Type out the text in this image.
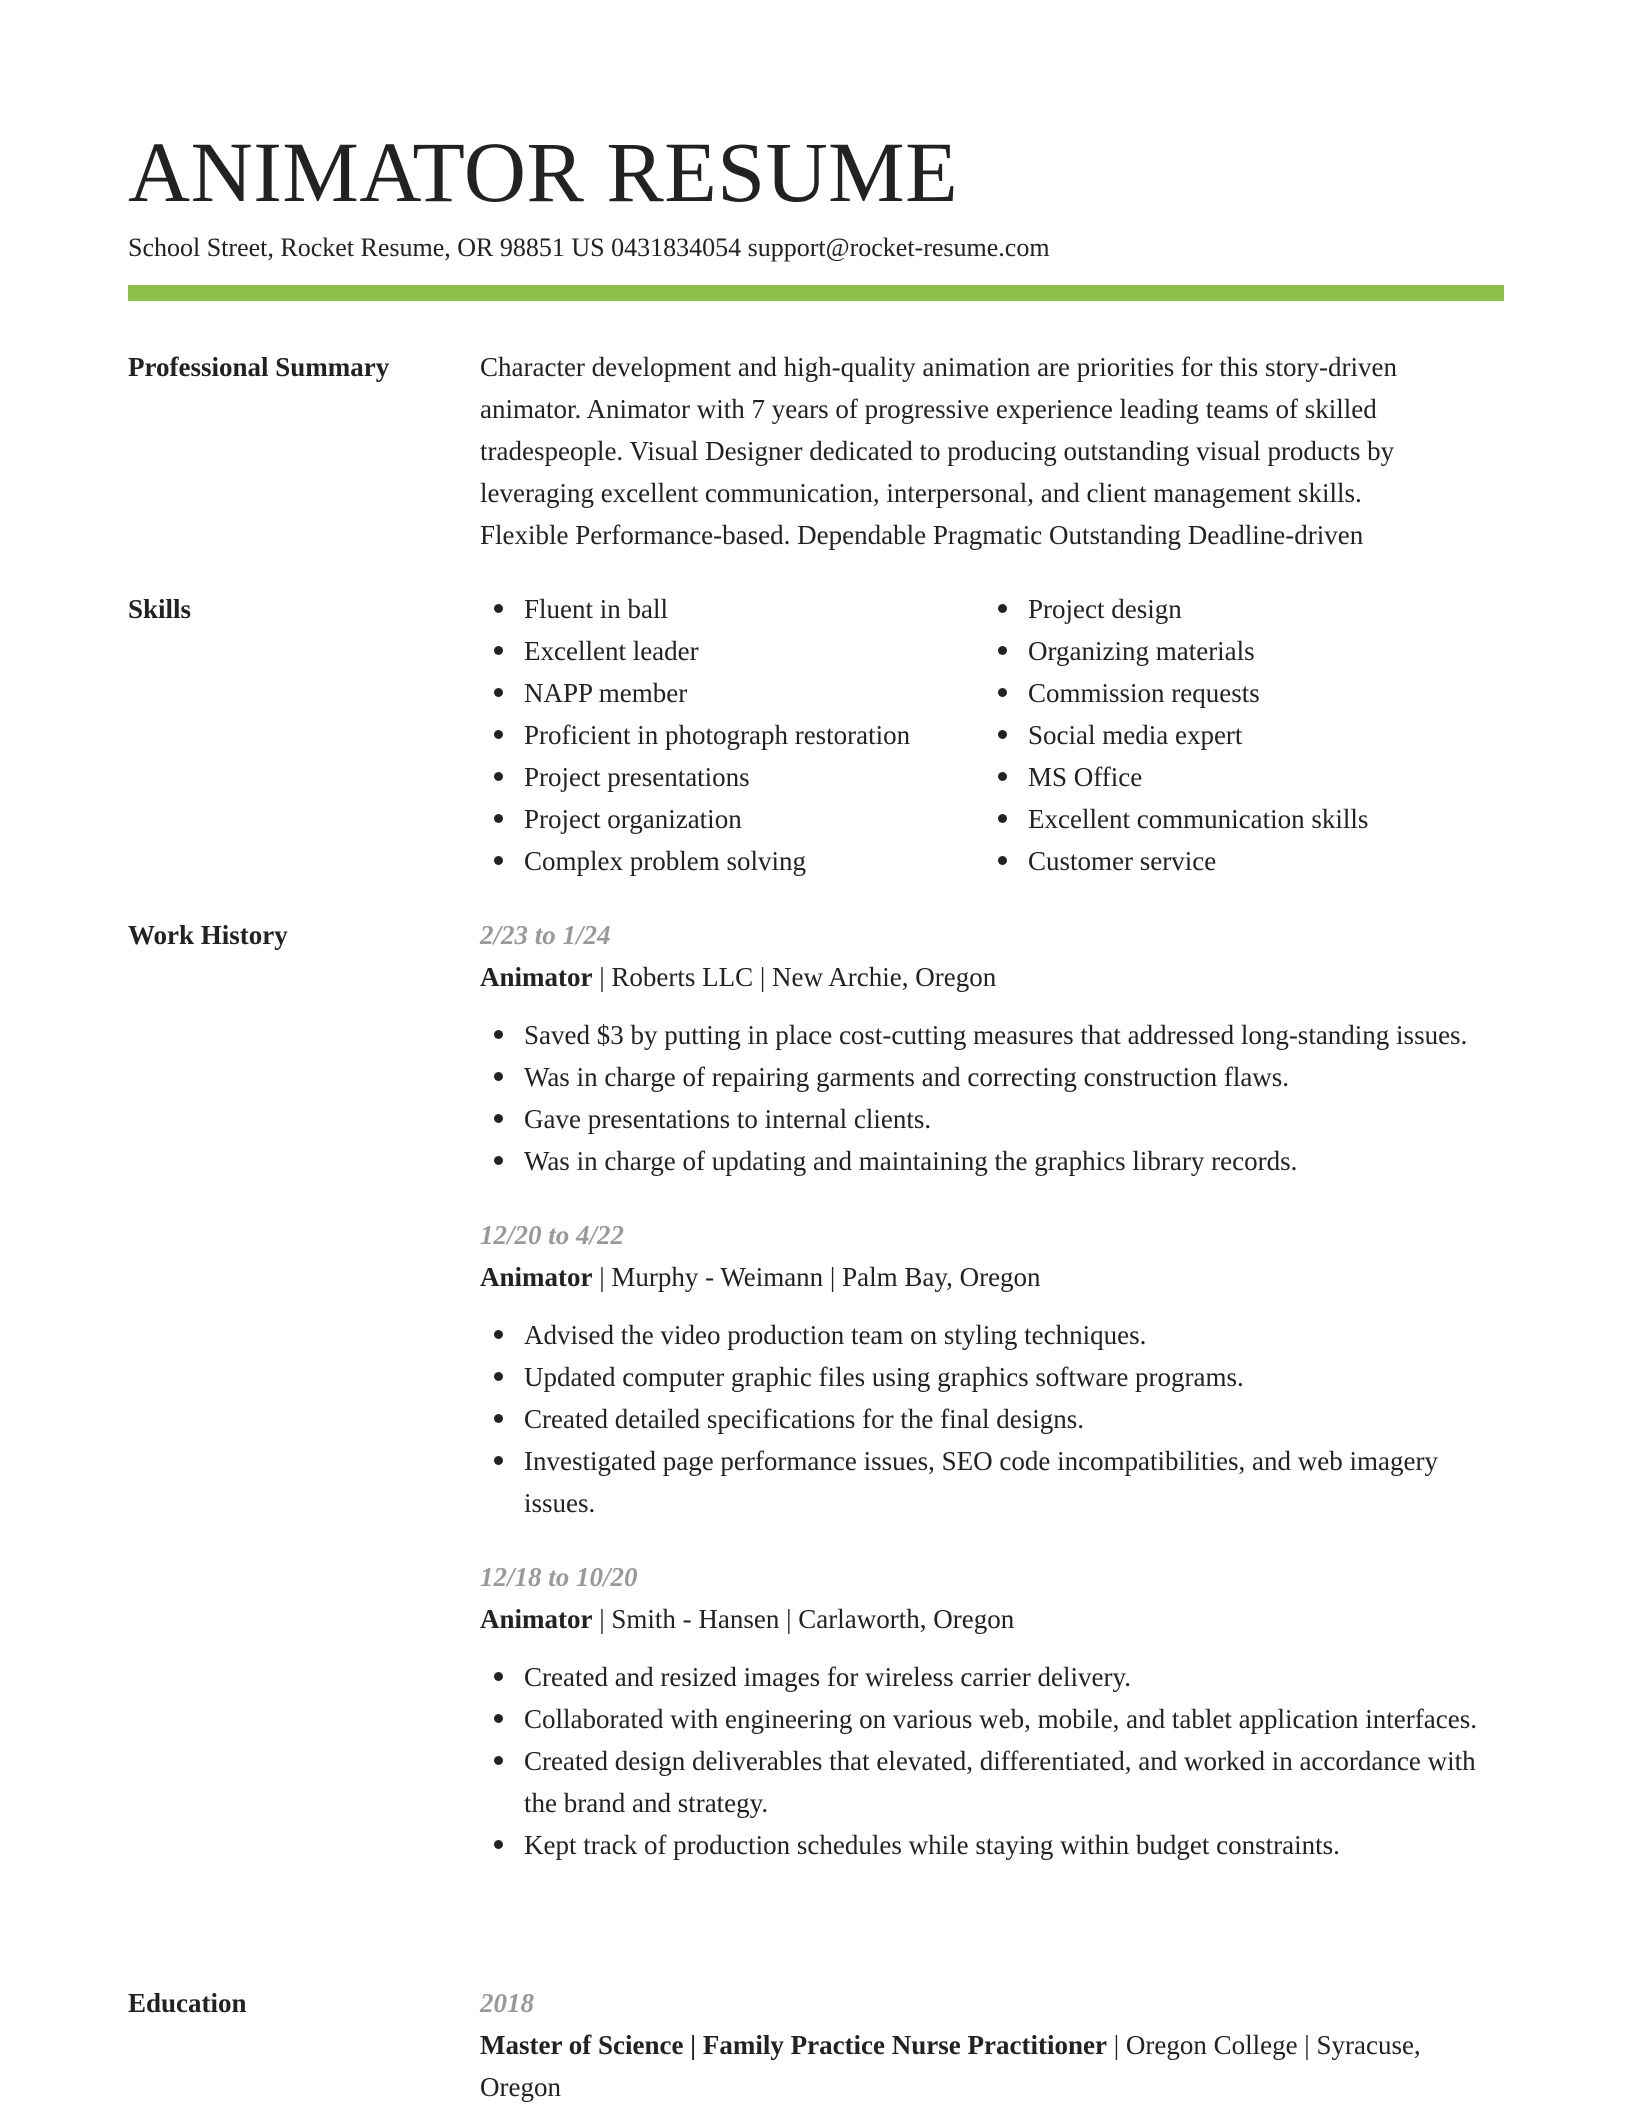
ANIMATOR RESUME
School Street, Rocket Resume, OR 98851 US 0431834054 support@rocket-resume.com
Professional Summary	Character development and high-quality animation are priorities for this story-driven
animator. Animator with 7 years of progressive experience leading teams of skilled
tradespeople. Visual Designer dedicated to producing outstanding visual products by
leveraging excellent communication, interpersonal, and client management skills.
Flexible Performance-based. Dependable Pragmatic Outstanding Deadline-driven
Skills	Fluent in ball
Excellent leader
NAPP member
Proficient in photograph restoration
Project presentations
Project organization
Complex problem solving
Project design
Organizing materials
Commission requests
Social media expert
MS Office
Excellent communication skills
Customer service
Work History	2/23 to 1/24
Animator | Roberts LLC | New Archie, Oregon
Saved $3 by putting in place cost-cutting measures that addressed long-standing issues.
Was in charge of repairing garments and correcting construction flaws.
Gave presentations to internal clients.
Was in charge of updating and maintaining the graphics library records.
12/20 to 4/22
Animator | Murphy - Weimann | Palm Bay, Oregon
Advised the video production team on styling techniques.
Updated computer graphic files using graphics software programs.
Created detailed specifications for the final designs.
Investigated page performance issues, SEO code incompatibilities, and web imagery issues.
12/18 to 10/20
Animator | Smith - Hansen | Carlaworth, Oregon
Created and resized images for wireless carrier delivery.
Collaborated with engineering on various web, mobile, and tablet application interfaces.
Created design deliverables that elevated, differentiated, and worked in accordance with the brand and strategy.
Kept track of production schedules while staying within budget constraints.
Education	2018
Master of Science | Family Practice Nurse Practitioner | Oregon College | Syracuse, Oregon
